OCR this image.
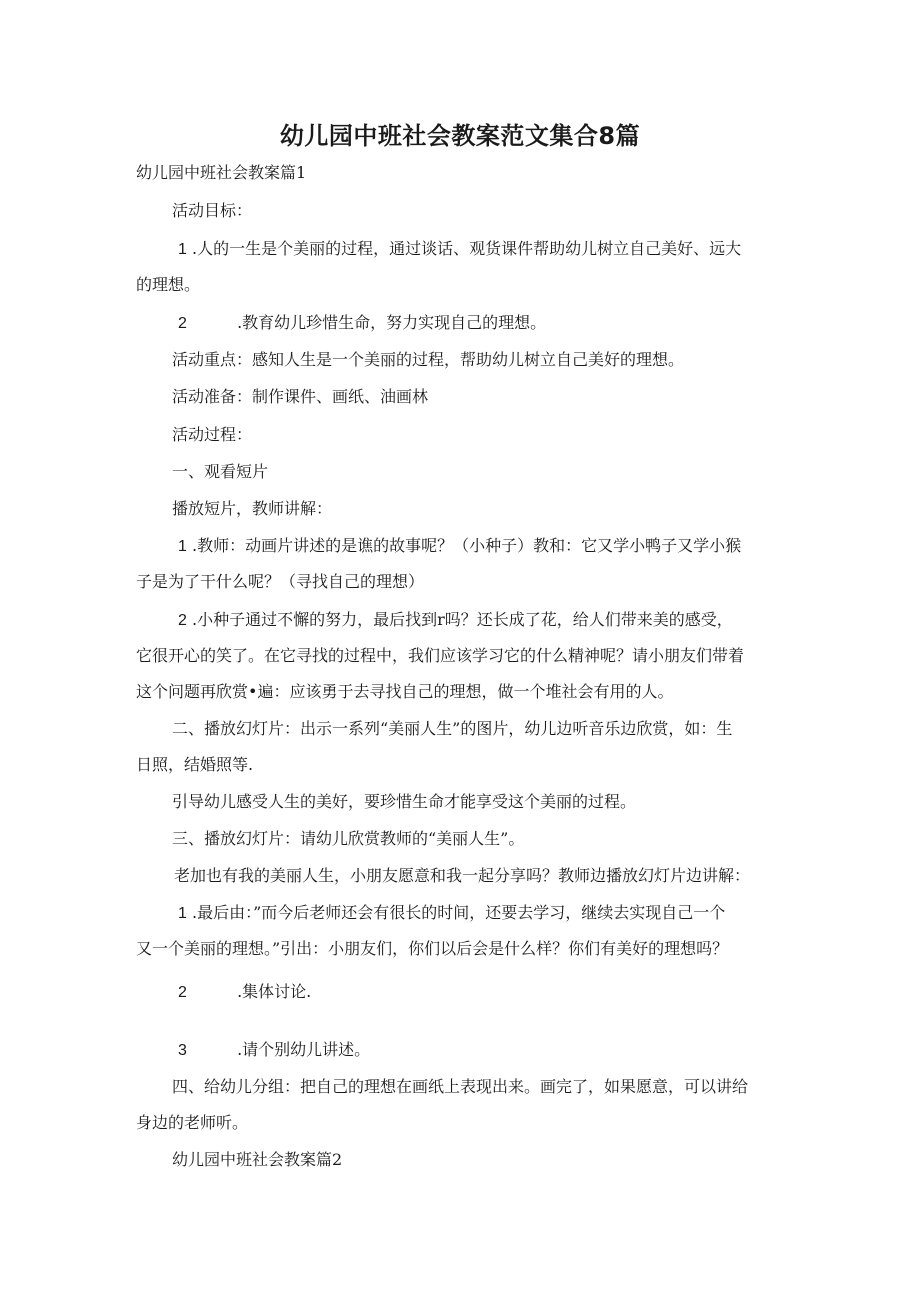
幼儿园中班社会教案范文集合8篇
幼儿园中班社会教案篇1
活动目标：
1 .人的一生是个美丽的过程，通过谈话、观货课件帮助幼儿树立自己美好、远大
的理想。
2	.教育幼儿珍惜生命，努力实现自己的理想。
活动重点：感知人生是一个美丽的过程，帮助幼儿树立自己美好的理想。
活动准备：制作课件、画纸、油画林
活动过程：
一、观看短片
播放短片，教师讲解：
1 .教师：动画片讲述的是谯的故事呢？（小种子）教和：它又学小鸭子又学小猴
子是为了干什么呢？（寻找自己的理想）
2 .小种子通过不懈的努力，最后找到r吗？还长成了花，给人们带来美的感受，
它很开心的笑了。在它寻找的过程中，我们应该学习它的什么精神呢？请小朋友们带着
这个问题再欣赏•遍：应该勇于去寻找自己的理想，做一个堆社会有用的人。
二、播放幻灯片：出示一系列“美丽人生”的图片，幼儿边听音乐边欣赏，如：生
日照，结婚照等.
引导幼儿感受人生的美好，要珍惜生命才能享受这个美丽的过程。
三、播放幻灯片：请幼儿欣赏教师的“美丽人生”。
老加也有我的美丽人生，小朋友愿意和我一起分享吗？教师边播放幻灯片边讲解：
1 .最后由：”而今后老师还会有很长的时间，还要去学习，继续去实现自己一个
又一个美丽的理想。”引出：小朋友们，你们以后会是什么样？你们有美好的理想吗？
2	.集体讨论.
3	.请个别幼儿讲述。
四、给幼儿分组：把自己的理想在画纸上表现出来。画完了，如果愿意，可以讲给
身边的老师听。
幼儿园中班社会教案篇2
